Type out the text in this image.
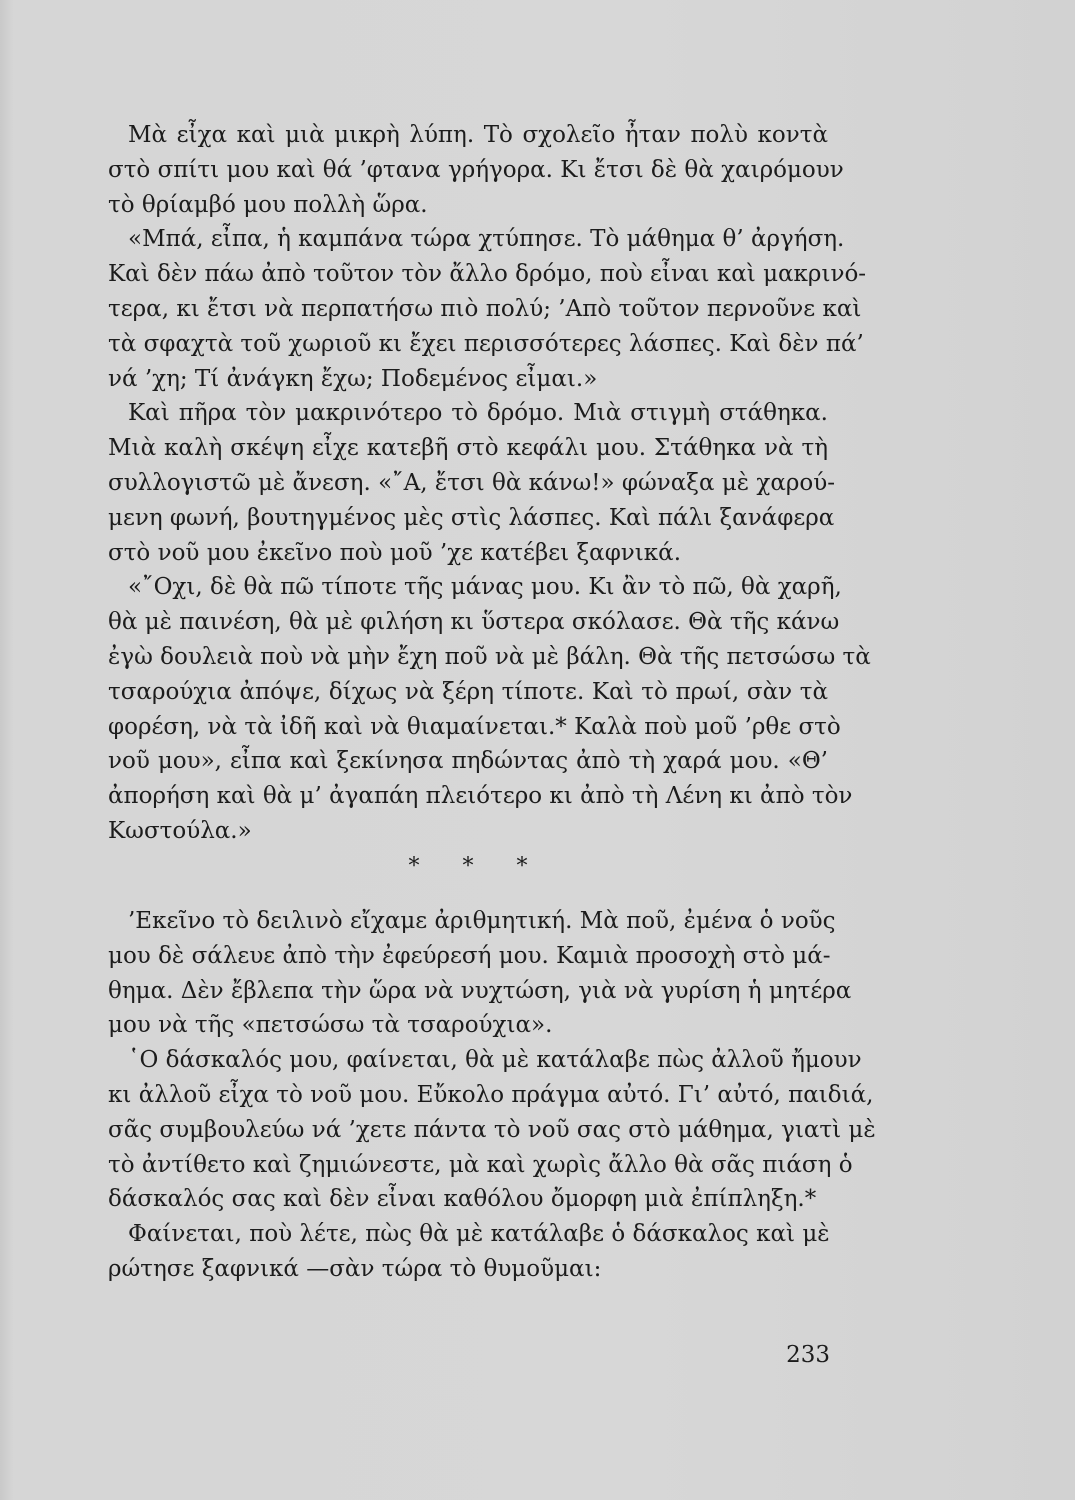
Μὰ εἶχα καὶ μιὰ μικρὴ λύπη. Τὸ σχολεῖο ἦταν πολὺ κοντὰ
στὸ σπίτι μου καὶ θά ’φτανα γρήγορα. Κι ἔτσι δὲ θὰ χαιρόμουν
τὸ θρίαμβό μου πολλὴ ὥρα.
«Μπά, εἶπα, ἡ καμπάνα τώρα χτύπησε. Τὸ μάθημα θ’ ἀργήση.
Καὶ δὲν πάω ἀπὸ τοῦτον τὸν ἄλλο δρόμο, ποὺ εἶναι καὶ μακρινό-
τερα, κι ἔτσι νὰ περπατήσω πιὸ πολύ; ’Απὸ τοῦτον περνοῦνε καὶ
τὰ σφαχτὰ τοῦ χωριοῦ κι ἔχει περισσότερες λάσπες. Καὶ δὲν πά’
νά ’χη; Τί ἀνάγκη ἔχω; Ποδεμένος εἶμαι.»
Καὶ πῆρα τὸν μακρινότερο τὸ δρόμο. Μιὰ στιγμὴ στάθηκα.
Μιὰ καλὴ σκέψη εἶχε κατεβῆ στὸ κεφάλι μου. Στάθηκα νὰ τὴ
συλλογιστῶ μὲ ἄνεση. «῎Α, ἔτσι θὰ κάνω!» φώναξα μὲ χαρού-
μενη φωνή, βουτηγμένος μὲς στὶς λάσπες. Καὶ πάλι ξανάφερα
στὸ νοῦ μου ἐκεῖνο ποὺ μοῦ ’χε κατέβει ξαφνικά.
«῎Οχι, δὲ θὰ πῶ τίποτε τῆς μάνας μου. Κι ἂν τὸ πῶ, θὰ χαρῆ,
θὰ μὲ παινέση, θὰ μὲ φιλήση κι ὕστερα σκόλασε. Θὰ τῆς κάνω
ἐγὼ δουλειὰ ποὺ νὰ μὴν ἔχη ποῦ νὰ μὲ βάλη. Θὰ τῆς πετσώσω τὰ
τσαρούχια ἀπόψε, δίχως νὰ ξέρη τίποτε. Καὶ τὸ πρωί, σὰν τὰ
φορέση, νὰ τὰ ἰδῆ καὶ νὰ θιαμαίνεται.* Καλὰ ποὺ μοῦ ’ρθε στὸ
νοῦ μου», εἶπα καὶ ξεκίνησα πηδώντας ἀπὸ τὴ χαρά μου. «Θ’
ἀπορήση καὶ θὰ μ’ ἀγαπάη πλειότερο κι ἀπὸ τὴ Λένη κι ἀπὸ τὸν
Κωστούλα.»
* * *
’Εκεῖνο τὸ δειλινὸ εἴχαμε ἀριθμητική. Μὰ ποῦ, ἐμένα ὁ νοῦς
μου δὲ σάλευε ἀπὸ τὴν ἐφεύρεσή μου. Καμιὰ προσοχὴ στὸ μά-
θημα. Δὲν ἔβλεπα τὴν ὥρα νὰ νυχτώση, γιὰ νὰ γυρίση ἡ μητέρα
μου νὰ τῆς «πετσώσω τὰ τσαρούχια».
῾Ο δάσκαλός μου, φαίνεται, θὰ μὲ κατάλαβε πὼς ἀλλοῦ ἤμουν
κι ἀλλοῦ εἶχα τὸ νοῦ μου. Εὔκολο πράγμα αὐτό. Γι’ αὐτό, παιδιά,
σᾶς συμβουλεύω νά ’χετε πάντα τὸ νοῦ σας στὸ μάθημα, γιατὶ μὲ
τὸ ἀντίθετο καὶ ζημιώνεστε, μὰ καὶ χωρὶς ἄλλο θὰ σᾶς πιάση ὁ
δάσκαλός σας καὶ δὲν εἶναι καθόλου ὄμορφη μιὰ ἐπίπληξη.*
Φαίνεται, ποὺ λέτε, πὼς θὰ μὲ κατάλαβε ὁ δάσκαλος καὶ μὲ
ρώτησε ξαφνικά —σὰν τώρα τὸ θυμοῦμαι:
233
